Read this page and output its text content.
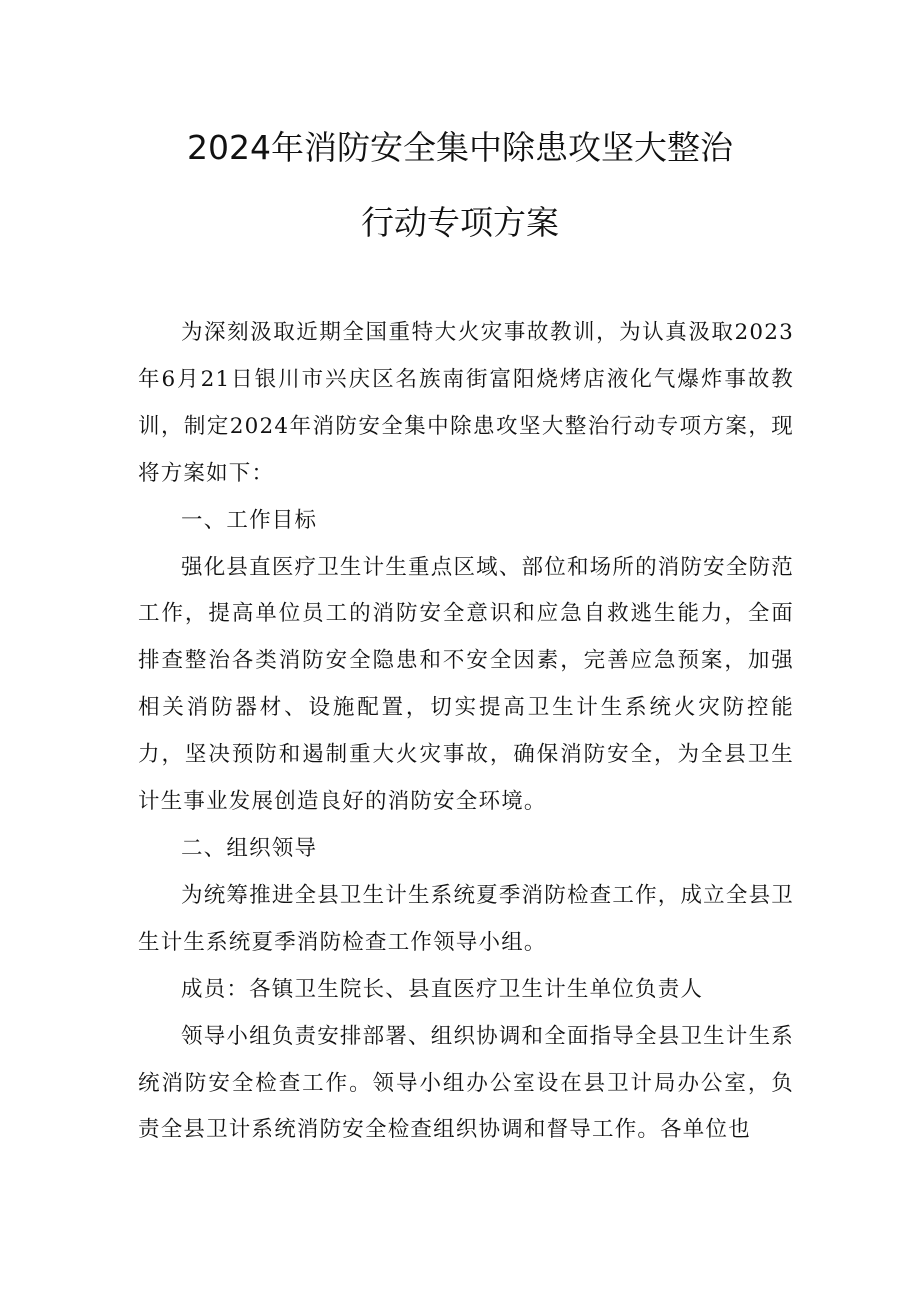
2024年消防安全集中除患攻坚大整治
行动专项方案

为深刻汲取近期全国重特大火灾事故教训，为认真汲取2023年6月21日银川市兴庆区名族南街富阳烧烤店液化气爆炸事故教训，制定2024年消防安全集中除患攻坚大整治行动专项方案，现将方案如下：

一、工作目标

强化县直医疗卫生计生重点区域、部位和场所的消防安全防范工作，提高单位员工的消防安全意识和应急自救逃生能力，全面排查整治各类消防安全隐患和不安全因素，完善应急预案，加强相关消防器材、设施配置，切实提高卫生计生系统火灾防控能力，坚决预防和遏制重大火灾事故，确保消防安全，为全县卫生计生事业发展创造良好的消防安全环境。

二、组织领导

为统筹推进全县卫生计生系统夏季消防检查工作，成立全县卫生计生系统夏季消防检查工作领导小组。

成员：各镇卫生院长、县直医疗卫生计生单位负责人

领导小组负责安排部署、组织协调和全面指导全县卫生计生系统消防安全检查工作。领导小组办公室设在县卫计局办公室，负责全县卫计系统消防安全检查组织协调和督导工作。各单位也
